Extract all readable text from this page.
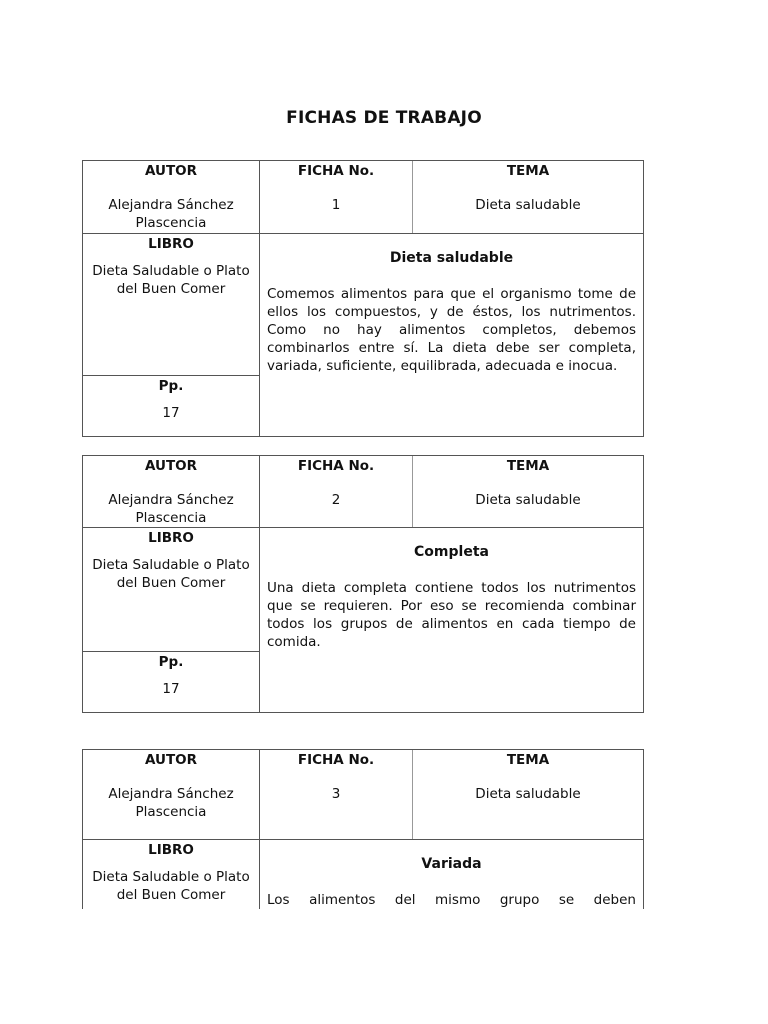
FICHAS DE TRABAJO
AUTOR
Alejandra Sánchez Plascencia
FICHA No.
1
TEMA
Dieta saludable
LIBRO
Dieta Saludable o Plato del Buen Comer
Pp.
17
Dieta saludable
Comemos alimentos para que el organismo tome de ellos los compuestos, y de éstos, los nutrimentos. Como no hay alimentos completos, debemos combinarlos entre sí. La dieta debe ser completa, variada, suficiente, equilibrada, adecuada e inocua.
AUTOR
Alejandra Sánchez Plascencia
FICHA No.
2
TEMA
Dieta saludable
LIBRO
Dieta Saludable o Plato del Buen Comer
Pp.
17
Completa
Una dieta completa contiene todos los nutrimentos que se requieren. Por eso se recomienda combinar todos los grupos de alimentos en cada tiempo de comida.
AUTOR
Alejandra Sánchez Plascencia
FICHA No.
3
TEMA
Dieta saludable
LIBRO
Dieta Saludable o Plato del Buen Comer
Variada
Los alimentos del mismo grupo se deben
